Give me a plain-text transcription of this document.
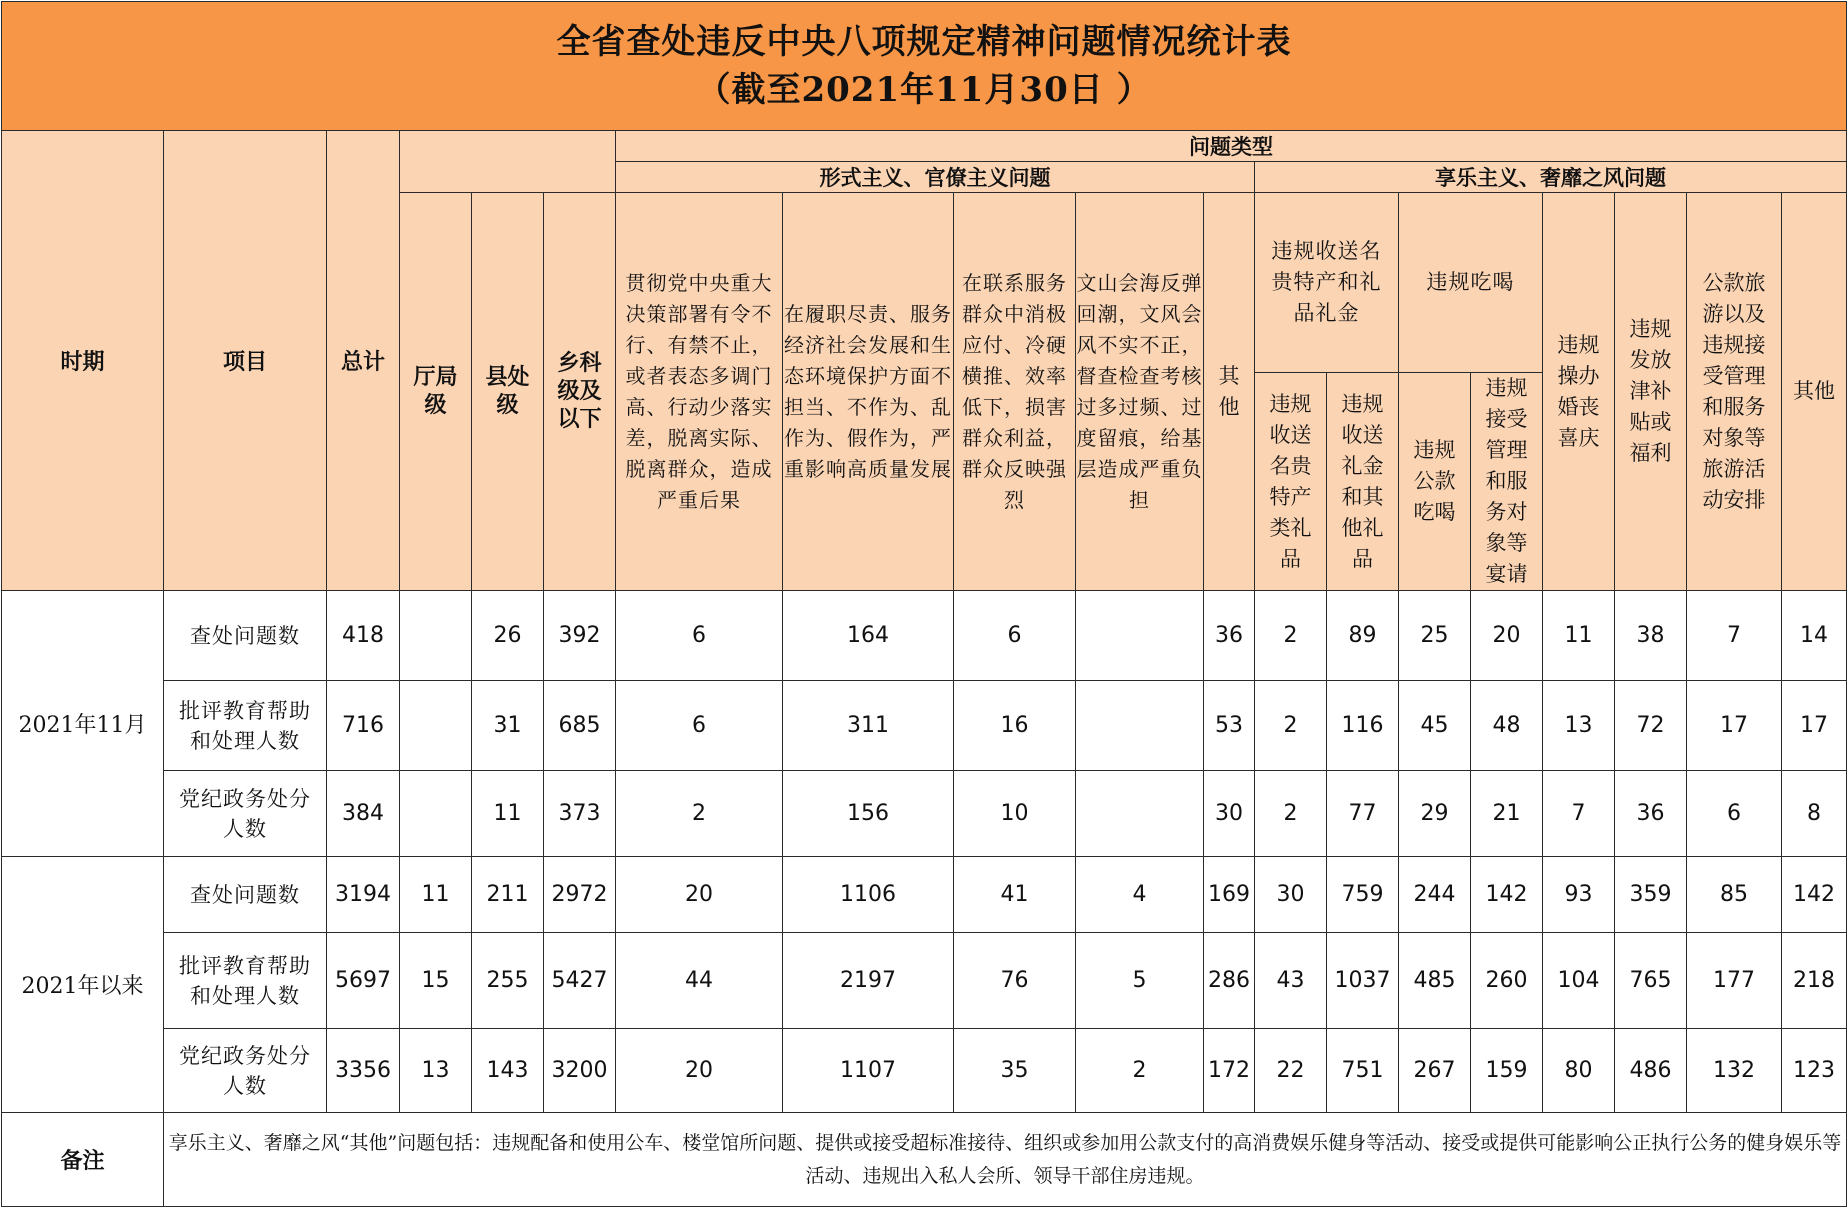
全省查处违反中央八项规定精神问题情况统计表
（截至2021年11月30日 ）																		

时期	项目	总计				问题类型												
						形式主义、官僚主义问题					享乐主义、奢靡之风问题							

			厅局级	县处级	乡科级及以下	贯彻党中央重大决策部署有令不行、有禁不止，或者表态多调门高、行动少落实差，脱离实际、脱离群众，造成严重后果	在履职尽责、服务经济社会发展和生态环境保护方面不担当、不作为、乱作为、假作为，严重影响高质量发展	在联系服务群众中消极应付、冷硬横推、效率低下，损害群众利益，群众反映强烈	文山会海反弹回潮，文风会风不实不正，督查检查考核过多过频、过度留痕，给基层造成严重负担	其他	违规收送名贵特产和礼品礼金		违规吃喝		违规操办婚丧喜庆	违规发放津补贴或福利	公款旅游以及违规接受管理和服务对象等旅游活动安排	其他

											违规收送名贵特产类礼品	违规收送礼金和其他礼品	违规公款吃喝	违规接受管理和服务对象等宴请				

2021年11月	查处问题数	418		26	392	6	164	6		36	2	89	25	20	11	38	7	14

	批评教育帮助和处理人数	716		31	685	6	311	16		53	2	116	45	48	13	72	17	17

	党纪政务处分人数	384		11	373	2	156	10		30	2	77	29	21	7	36	6	8
2021年以来	查处问题数	3194	11	211	2972	20	1106	41	4	169	30	759	244	142	93	359	85	142

	批评教育帮助和处理人数	5697	15	255	5427	44	2197	76	5	286	43	1037	485	260	104	765	177	218

	党纪政务处分人数	3356	13	143	3200	20	1107	35	2	172	22	751	267	159	80	486	132	123
备注	享乐主义、奢靡之风“其他”问题包括：违规配备和使用公车、楼堂馆所问题、提供或接受超标准接待、组织或参加用公款支付的高消费娱乐健身等活动、接受或提供可能影响公正执行公务的健身娱乐等活动、违规出入私人会所、领导干部住房违规。																	
